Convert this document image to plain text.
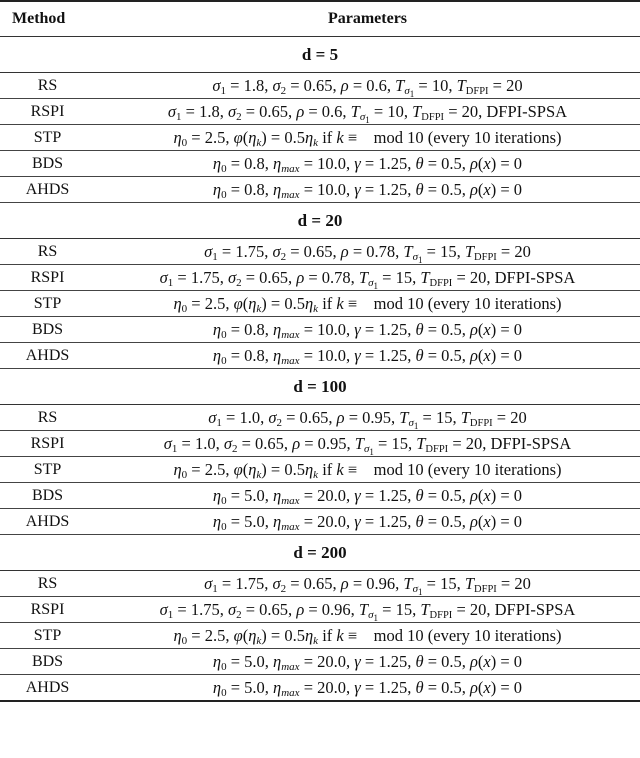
Method	Parameters
d = 5	
RS	$\sigma_1 = 1.8$, $\sigma_2 = 0.65$, ρ = 0.6, $T_{\sigma_1} = 10$, TDFPI = 20
RSPI	$\sigma_1 = 1.8$, $\sigma_2 = 0.65$, ρ = 0.6, $T_{\sigma_1} = 10$, TDFPI = 20, DFPI-SPSA
STP	$\eta_0 = 2.5$, $\varphi(\eta_k) = 0.5\eta_k$ if k ≡    mod 10 (every 10 iterations)
BDS	$\eta_0 = 0.8$, $\eta_{max} = 10.0$, γ = 1.25, θ = 0.5, ρ(x) = 0
AHDS	$\eta_0 = 0.8$, $\eta_{max} = 10.0$, γ = 1.25, θ = 0.5, ρ(x) = 0
d = 20	
RS	$\sigma_1 = 1.75$, $\sigma_2 = 0.65$, ρ = 0.78, $T_{\sigma_1} = 15$, TDFPI = 20
RSPI	$\sigma_1 = 1.75$, $\sigma_2 = 0.65$, ρ = 0.78, $T_{\sigma_1} = 15$, TDFPI = 20, DFPI-SPSA
STP	$\eta_0 = 2.5$, $\varphi(\eta_k) = 0.5\eta_k$ if k ≡    mod 10 (every 10 iterations)
BDS	$\eta_0 = 0.8$, $\eta_{max} = 10.0$, γ = 1.25, θ = 0.5, ρ(x) = 0
AHDS	$\eta_0 = 0.8$, $\eta_{max} = 10.0$, γ = 1.25, θ = 0.5, ρ(x) = 0
d = 100	
RS	$\sigma_1 = 1.0$, $\sigma_2 = 0.65$, ρ = 0.95, $T_{\sigma_1} = 15$, TDFPI = 20
RSPI	$\sigma_1 = 1.0$, $\sigma_2 = 0.65$, ρ = 0.95, $T_{\sigma_1} = 15$, TDFPI = 20, DFPI-SPSA
STP	$\eta_0 = 2.5$, $\varphi(\eta_k) = 0.5\eta_k$ if k ≡    mod 10 (every 10 iterations)
BDS	$\eta_0 = 5.0$, $\eta_{max} = 20.0$, γ = 1.25, θ = 0.5, ρ(x) = 0
AHDS	$\eta_0 = 5.0$, $\eta_{max} = 20.0$, γ = 1.25, θ = 0.5, ρ(x) = 0
d = 200	
RS	$\sigma_1 = 1.75$, $\sigma_2 = 0.65$, ρ = 0.96, $T_{\sigma_1} = 15$, TDFPI = 20
RSPI	$\sigma_1 = 1.75$, $\sigma_2 = 0.65$, ρ = 0.96, $T_{\sigma_1} = 15$, TDFPI = 20, DFPI-SPSA
STP	$\eta_0 = 2.5$, $\varphi(\eta_k) = 0.5\eta_k$ if k ≡    mod 10 (every 10 iterations)
BDS	$\eta_0 = 5.0$, $\eta_{max} = 20.0$, γ = 1.25, θ = 0.5, ρ(x) = 0
AHDS	$\eta_0 = 5.0$, $\eta_{max} = 20.0$, γ = 1.25, θ = 0.5, ρ(x) = 0
